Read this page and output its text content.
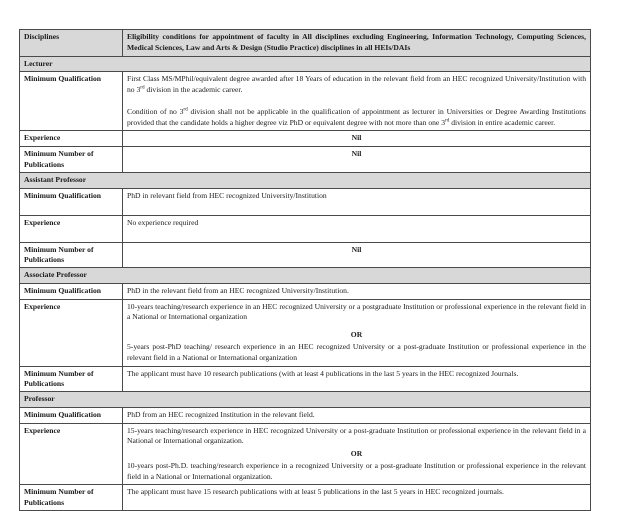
Disciplines	Eligibility conditions for appointment of faculty in All disciplines excluding Engineering, Information Technology, Computing Sciences, Medical Sciences, Law and Arts & Design (Studio Practice) disciplines in all HEIs/DAIs
Lecturer	
Minimum Qualification	First Class MS/MPhil/equivalent degree awarded after 18 Years of education in the relevant field from an HEC recognized University/Institution with no 3rd division in the academic career.

Condition of no 3rd division shall not be applicable in the qualification of appointment as lecturer in Universities or Degree Awarding Institutions provided that the candidate holds a higher degree viz PhD or equivalent degree with not more than one 3rd division in entire academic career.

Experience	Nil
Minimum Number of Publications	Nil
Assistant Professor	
Minimum Qualification	PhD in relevant field from HEC recognized University/Institution
Experience	No experience required
Minimum Number of Publications	Nil
Associate Professor	
Minimum Qualification	PhD in the relevant field from an HEC recognized University/Institution.
Experience	10-years teaching/research experience in an HEC recognized University or a postgraduate Institution or professional experience in the relevant field in a National or International organization

OR

5-years post-PhD teaching/ research experience in an HEC recognized University or a post-graduate Institution or professional experience in the relevant field in a National or International organization

Minimum Number of Publications	The applicant must have 10 research publications (with at least 4 publications in the last 5 years in the HEC recognized Journals.
Professor	
Minimum Qualification	PhD from an HEC recognized Institution in the relevant field.
Experience	15-years teaching/research experience in HEC recognized University or a post-graduate Institution or professional experience in the relevant field in a National or International organization.

OR

10-years post-Ph.D. teaching/research experience in a recognized University or a post-graduate Institution or professional experience in the relevant field in a National or International organization.

Minimum Number of Publications	The applicant must have 15 research publications with at least 5 publications in the last 5 years in HEC recognized journals.
